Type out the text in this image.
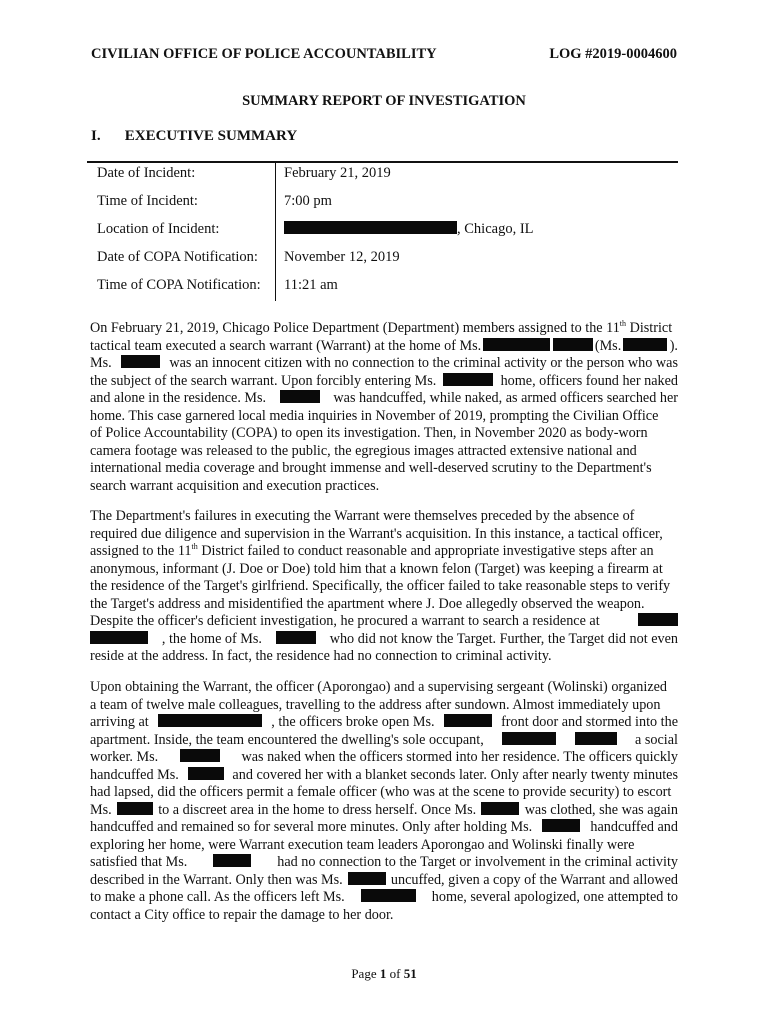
CIVILIAN OFFICE OF POLICE ACCOUNTABILITY	LOG #2019-0004600
SUMMARY REPORT OF INVESTIGATION
I. EXECUTIVE SUMMARY
Date of Incident:	February 21, 2019
Time of Incident:	7:00 pm
Location of Incident:	, Chicago, IL
Date of COPA Notification: November 12, 2019
Time of COPA Notification: 11:21 am
On February 21, 2019, Chicago Police Department (Department) members assigned to the 11th District
tactical team executed a search warrant (Warrant) at the home of Ms.	(Ms.	).
Ms.	was an innocent citizen with no connection to the criminal activity or the person who was
the subject of the search warrant. Upon forcibly entering Ms.	home, officers found her naked
and alone in the residence. Ms.	was handcuffed, while naked, as armed officers searched her
home. This case garnered local media inquiries in November of 2019, prompting the Civilian Office
of Police Accountability (COPA) to open its investigation. Then, in November 2020 as body-worn
camera footage was released to the public, the egregious images attracted extensive national and
international media coverage and brought immense and well-deserved scrutiny to the Department's
search warrant acquisition and execution practices.
The Department's failures in executing the Warrant were themselves preceded by the absence of
required due diligence and supervision in the Warrant's acquisition. In this instance, a tactical officer,
assigned to the 11th District failed to conduct reasonable and appropriate investigative steps after an
anonymous, informant (J. Doe or Doe) told him that a known felon (Target) was keeping a firearm at
the residence of the Target's girlfriend. Specifically, the officer failed to take reasonable steps to verify
the Target's address and misidentified the apartment where J. Doe allegedly observed the weapon.
Despite the officer's deficient investigation, he procured a warrant to search a residence at
, the home of Ms.	who did not know the Target. Further, the Target did not even
reside at the address. In fact, the residence had no connection to criminal activity.
Upon obtaining the Warrant, the officer (Aporongao) and a supervising sergeant (Wolinski) organized
a team of twelve male colleagues, travelling to the address after sundown. Almost immediately upon
arriving at	, the officers broke open Ms.	front door and stormed into the
apartment. Inside, the team encountered the dwelling's sole occupant,	a social
worker. Ms.	was naked when the officers stormed into her residence. The officers quickly
handcuffed Ms.	and covered her with a blanket seconds later. Only after nearly twenty minutes
had lapsed, did the officers permit a female officer (who was at the scene to provide security) to escort
Ms.	to a discreet area in the home to dress herself. Once Ms.	was clothed, she was again
handcuffed and remained so for several more minutes. Only after holding Ms.	handcuffed and
exploring her home, were Warrant execution team leaders Aporongao and Wolinski finally were
satisfied that Ms.	had no connection to the Target or involvement in the criminal activity
described in the Warrant. Only then was Ms.	uncuffed, given a copy of the Warrant and allowed
to make a phone call. As the officers left Ms.	home, several apologized, one attempted to
contact a City office to repair the damage to her door.
Page 1 of 51
